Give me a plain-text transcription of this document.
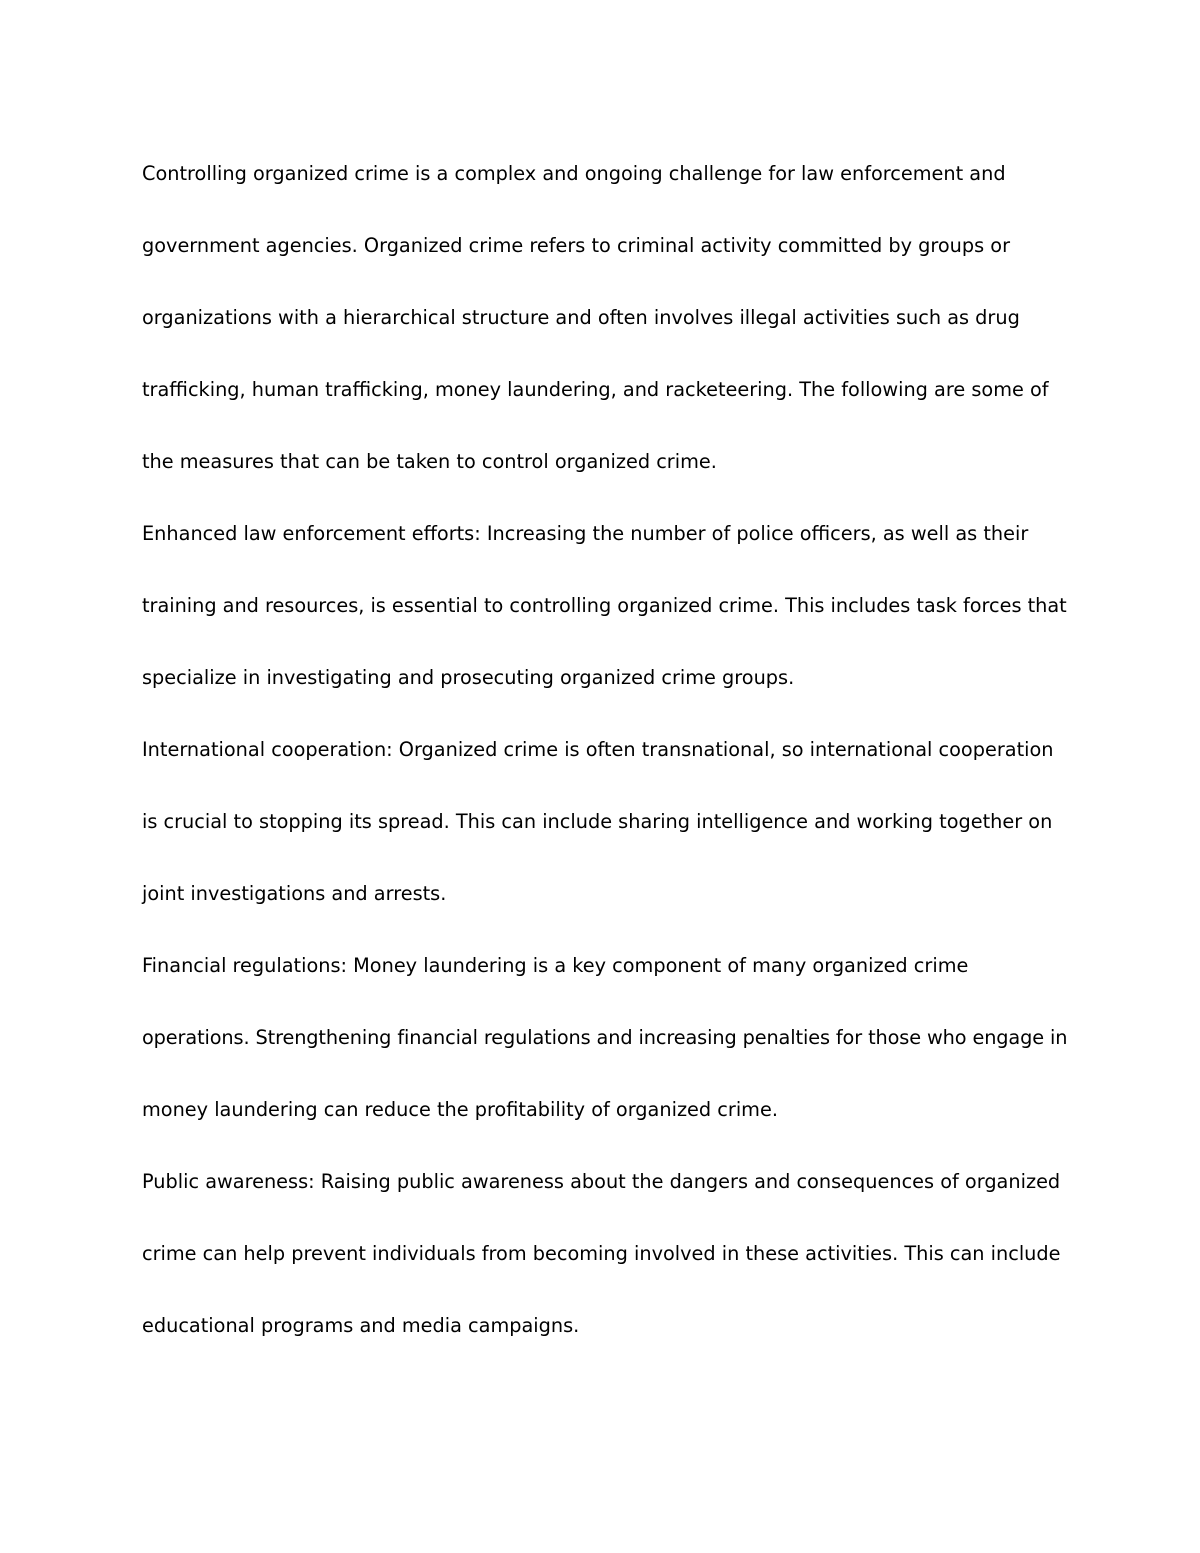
Controlling organized crime is a complex and ongoing challenge for law enforcement and
government agencies. Organized crime refers to criminal activity committed by groups or
organizations with a hierarchical structure and often involves illegal activities such as drug
trafficking, human trafficking, money laundering, and racketeering. The following are some of
the measures that can be taken to control organized crime.
Enhanced law enforcement efforts: Increasing the number of police officers, as well as their
training and resources, is essential to controlling organized crime. This includes task forces that
specialize in investigating and prosecuting organized crime groups.
International cooperation: Organized crime is often transnational, so international cooperation
is crucial to stopping its spread. This can include sharing intelligence and working together on
joint investigations and arrests.
Financial regulations: Money laundering is a key component of many organized crime
operations. Strengthening financial regulations and increasing penalties for those who engage in
money laundering can reduce the profitability of organized crime.
Public awareness: Raising public awareness about the dangers and consequences of organized
crime can help prevent individuals from becoming involved in these activities. This can include
educational programs and media campaigns.
